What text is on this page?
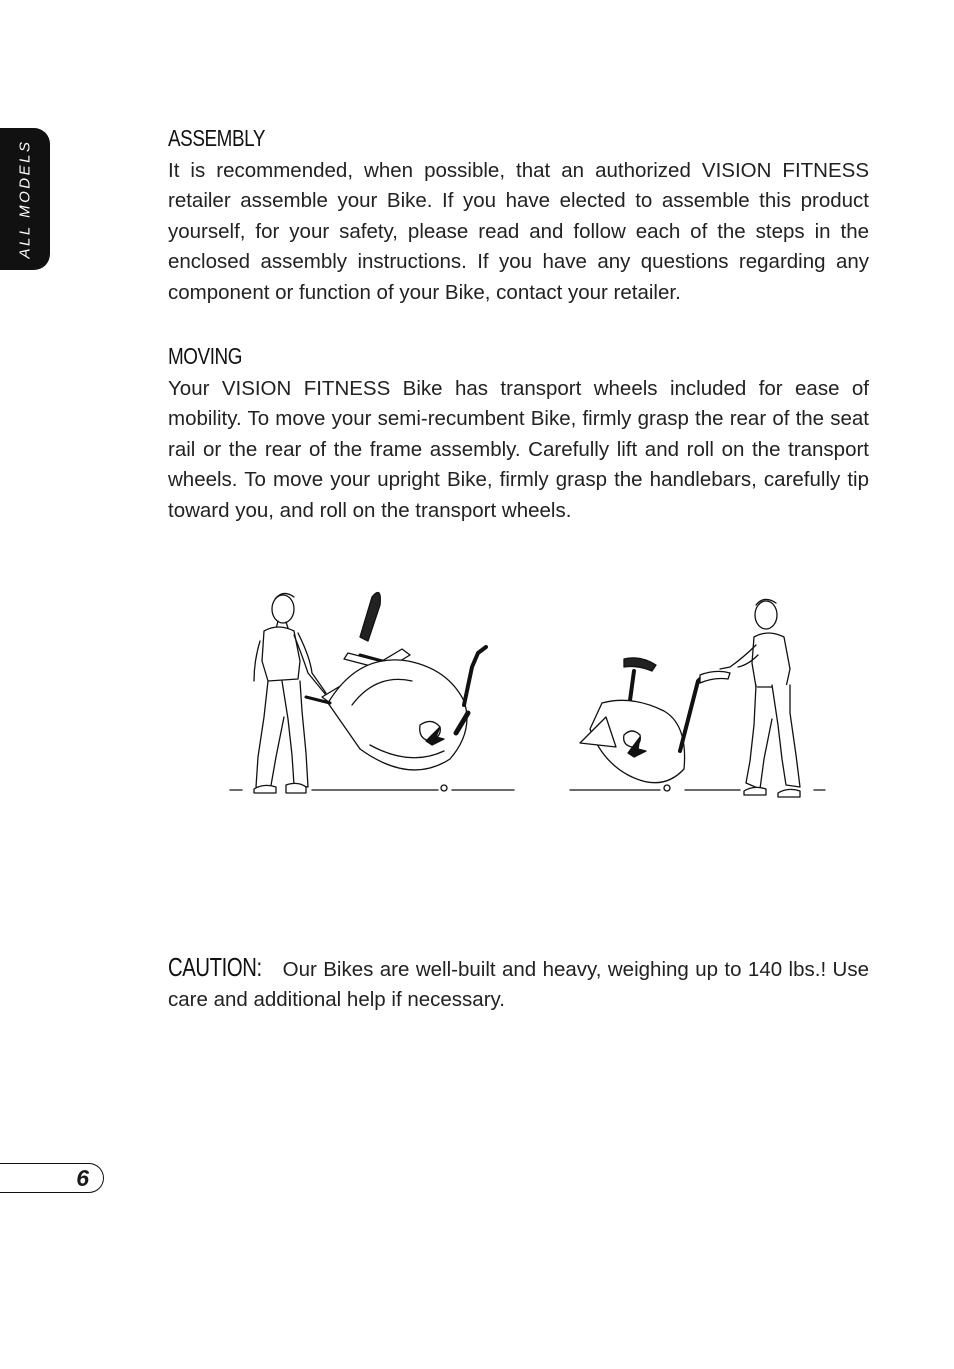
ALL MODELS
ASSEMBLY

It is recommended, when possible, that an authorized VISION FITNESS retailer assemble your Bike. If you have elected to assemble this product yourself, for your safety, please read and follow each of the steps in the enclosed assembly instructions. If you have any questions regarding any component or function of your Bike, contact your retailer.

MOVING

Your VISION FITNESS Bike has transport wheels included for ease of mobility. To move your semi-recumbent Bike, firmly grasp the rear of the seat rail or the rear of the frame assembly. Carefully lift and roll on the transport wheels. To move your upright Bike, firmly grasp the handlebars, carefully tip toward you, and roll on the transport wheels.

CAUTION: Our Bikes are well-built and heavy, weighing up to 140 lbs.! Use care and additional help if necessary.

6
